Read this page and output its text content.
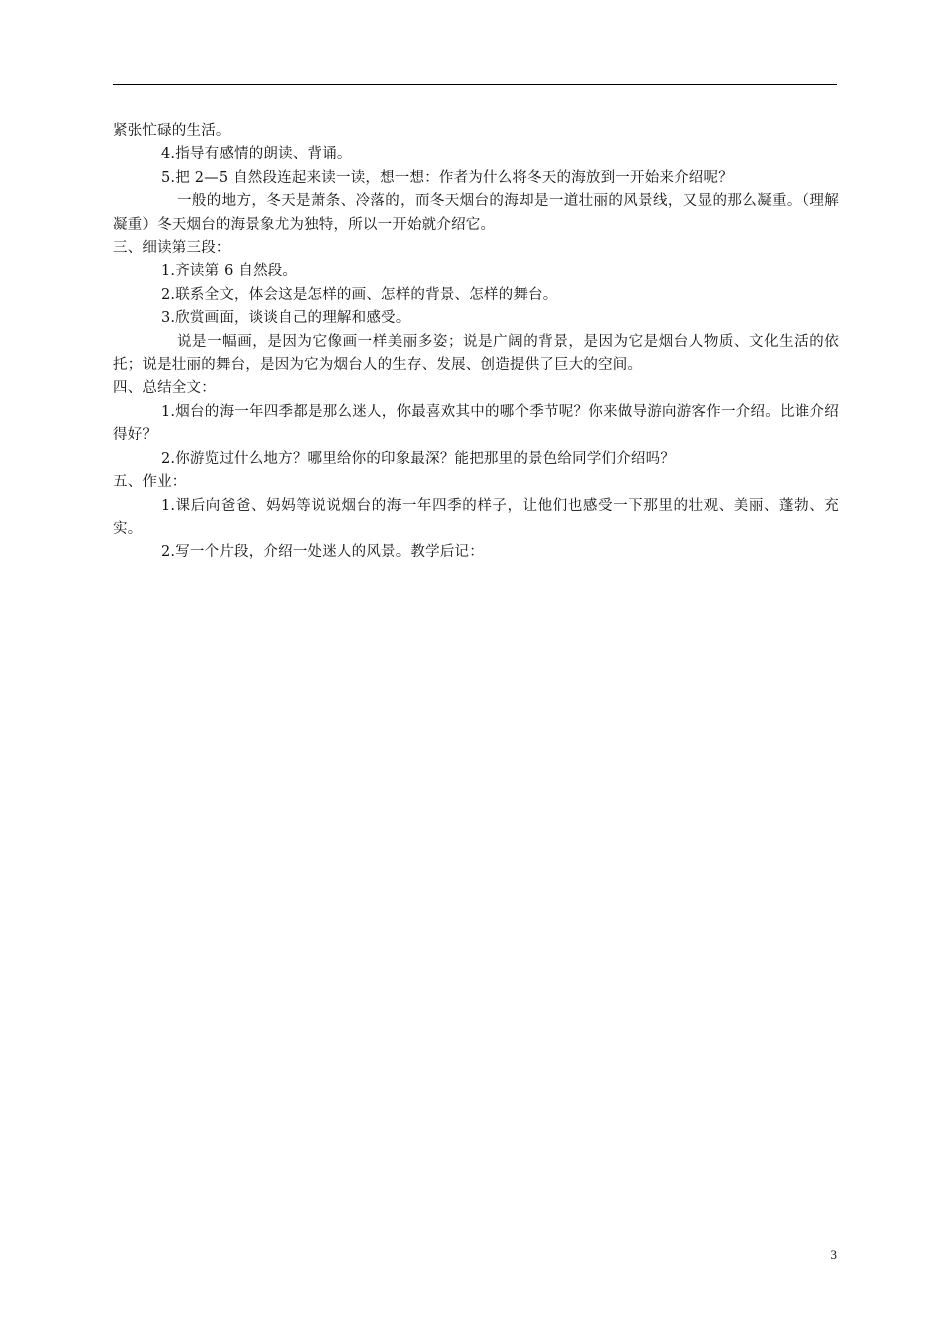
紧张忙碌的生活。

4.指导有感情的朗读、背诵。

5.把 2—5 自然段连起来读一读，想一想：作者为什么将冬天的海放到一开始来介绍呢？

一般的地方，冬天是萧条、冷落的，而冬天烟台的海却是一道壮丽的风景线，又显的那么凝重。（理解凝重）冬天烟台的海景象尤为独特，所以一开始就介绍它。

三、细读第三段：

1.齐读第 6 自然段。

2.联系全文，体会这是怎样的画、怎样的背景、怎样的舞台。

3.欣赏画面，谈谈自己的理解和感受。

说是一幅画，是因为它像画一样美丽多姿；说是广阔的背景，是因为它是烟台人物质、文化生活的依托；说是壮丽的舞台，是因为它为烟台人的生存、发展、创造提供了巨大的空间。

四、总结全文：

1.烟台的海一年四季都是那么迷人，你最喜欢其中的哪个季节呢？你来做导游向游客作一介绍。比谁介绍得好？

2.你游览过什么地方？哪里给你的印象最深？能把那里的景色给同学们介绍吗？

五、作业：

1.课后向爸爸、妈妈等说说烟台的海一年四季的样子，让他们也感受一下那里的壮观、美丽、蓬勃、充实。

2.写一个片段，介绍一处迷人的风景。教学后记：

3
